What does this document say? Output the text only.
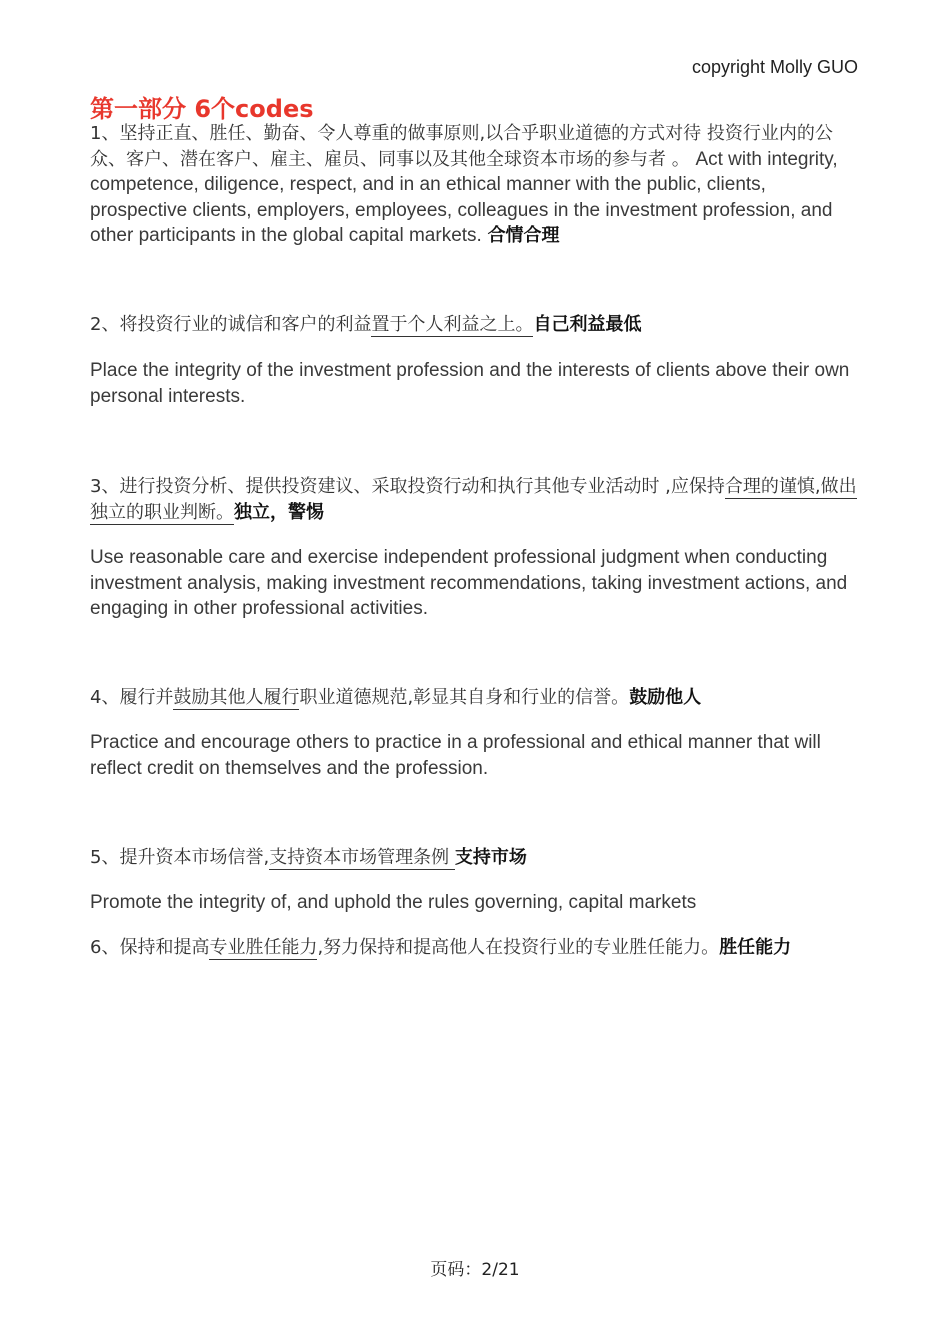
copyright Molly GUO
第一部分 6个codes
1、坚持正直、胜任、勤奋、令人尊重的做事原则,以合乎职业道德的方式对待 投资行业内的公众、客户、潜在客户、雇主、雇员、同事以及其他全球资本市场的参与者 。 Act with integrity, competence, diligence, respect, and in an ethical manner with the public, clients, prospective clients, employers, employees, colleagues in the investment profession, and other participants in the global capital markets. 合情合理
2、将投资行业的诚信和客户的利益置于个人利益之上。自己利益最低
Place the integrity of the investment profession and the interests of clients above their own personal interests.
3、进行投资分析、提供投资建议、采取投资行动和执行其他专业活动时 ,应保持合理的谨慎,做出独立的职业判断。独立，警惕
Use reasonable care and exercise independent professional judgment when conducting investment analysis, making investment recommendations, taking investment actions, and engaging in other professional activities.
4、履行并鼓励其他人履行职业道德规范,彰显其自身和行业的信誉。鼓励他人
Practice and encourage others to practice in a professional and ethical manner that will reflect credit on themselves and the profession.
5、提升资本市场信誉,支持资本市场管理条例 支持市场
Promote the integrity of, and uphold the rules governing, capital markets
6、保持和提高专业胜任能力,努力保持和提高他人在投资行业的专业胜任能力。胜任能力
页码：2/21
